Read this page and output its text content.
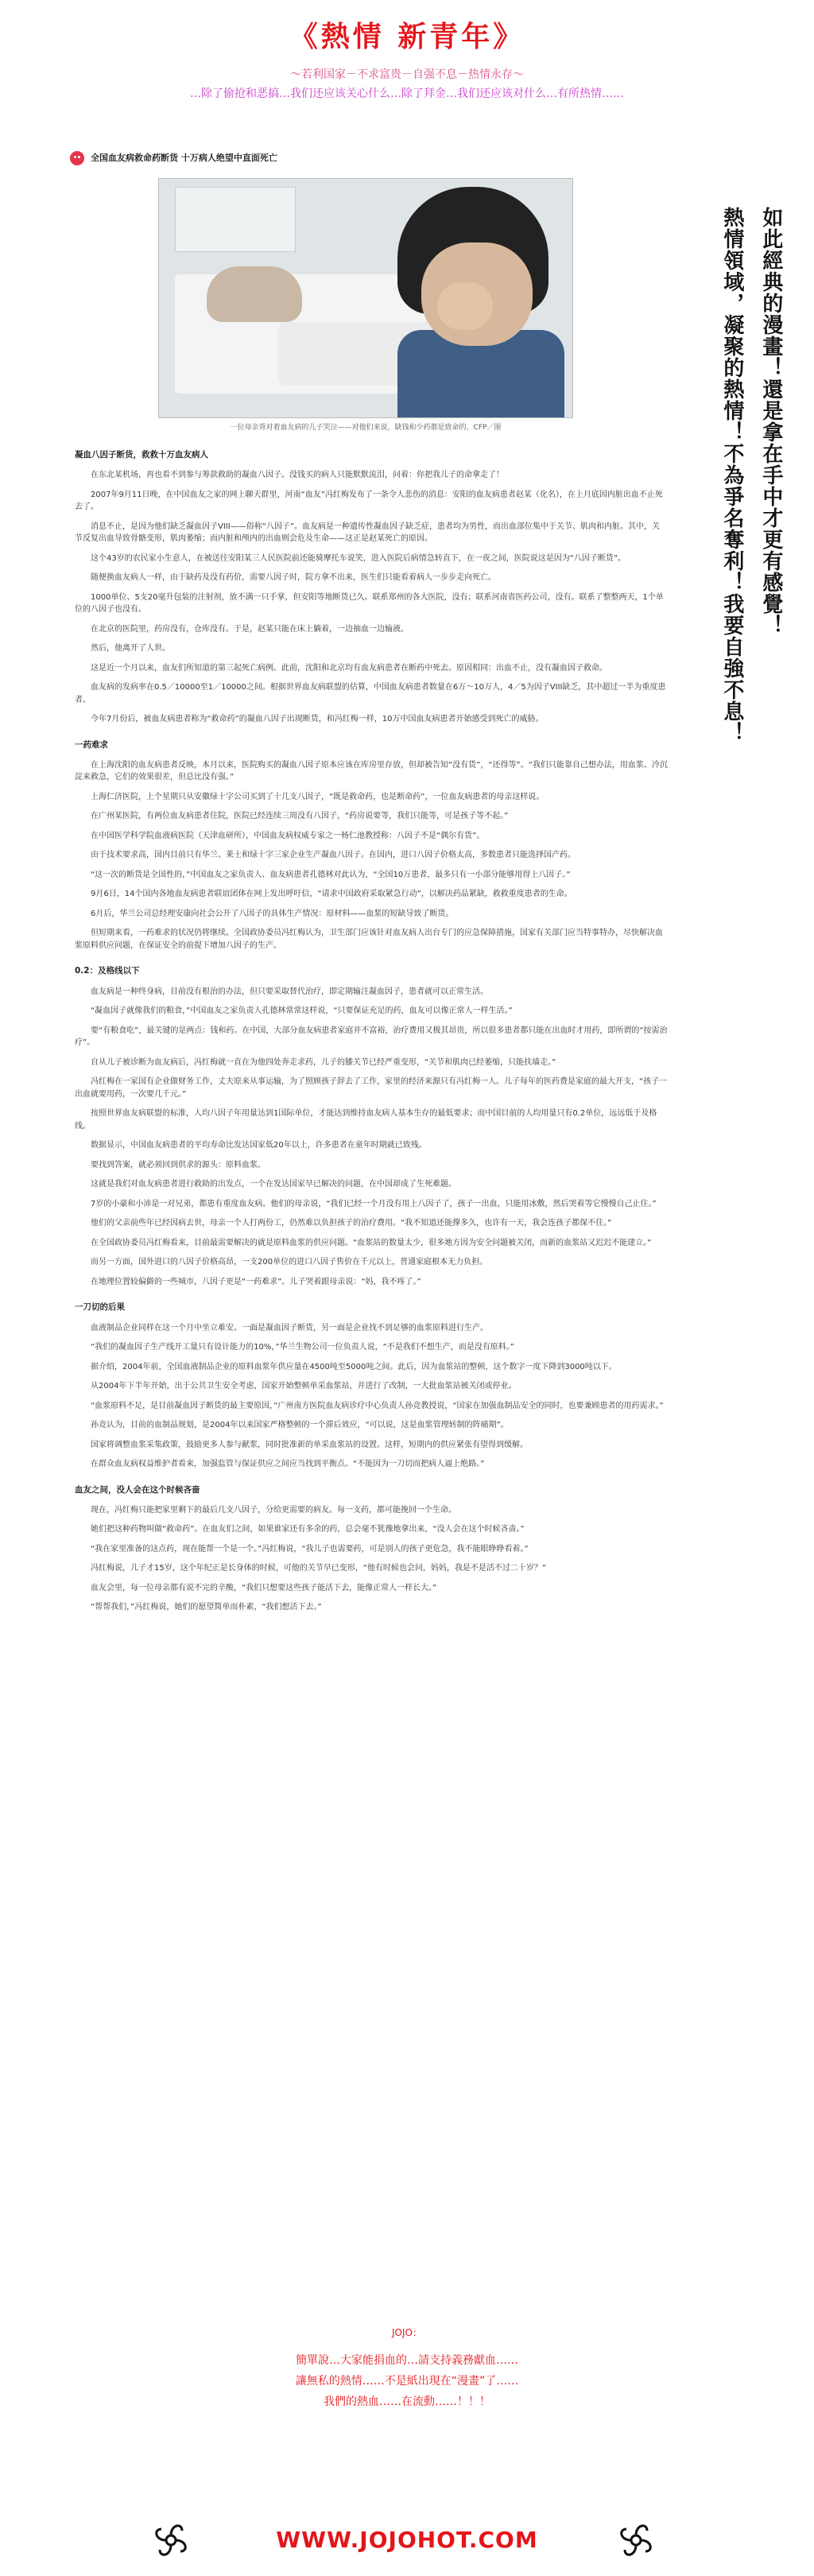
《熱情 新青年》
～若利国家－不求富贵－自强不息－热情永存～
…除了偷抢和恶搞…我们还应该关心什么…除了拜金…我们还应该对什么…有所热情……
全国血友病救命药断货 十万病人绝望中直面死亡
一位母亲背对着血友病的儿子哭泣——对他们来说，缺钱和少药都是致命的。CFP／图
凝血八因子断货，救救十万血友病人

在东北某机场，再也看不到参与筹款救助的凝血八因子。没钱买的病人只能默默流泪，问着：你把我儿子的命拿走了！

2007年9月11日晚，在中国血友之家的网上聊天群里，河南“血友”冯红梅发布了一条令人悲伤的消息：安阳的血友病患者赵某（化名），在上月底因内脏出血不止死去了。

消息不止，是因为他们缺乏凝血因子VIII——俗称“八因子”。血友病是一种遗传性凝血因子缺乏症，患者均为男性，而出血部位集中于关节、肌肉和内脏。其中，关节反复出血导致骨骼变形，肌肉萎缩；而内脏和颅内的出血则会危及生命——这正是赵某死亡的原因。

这个43岁的农民家小生意人，在被送往安阳某三人民医院前还能骑摩托车说笑，进入医院后病情急转直下，在一夜之间，医院说这是因为“八因子断货”。

随便换血友病人一样，由于缺药及没有药价，需要八因子时，院方拿不出来，医生们只能看着病人一步步走向死亡。

1000单位、5支20毫升包装的注射剂，放不满一只手掌，但安阳等地断货已久。联系郑州的各大医院，没有；联系河南省医药公司，没有。联系了整整两天，1个单位的八因子也没有。

在北京的医院里，药房没有，仓库没有。于是，赵某只能在床上躺着，一边抽血一边输液。

然后，他离开了人世。

这是近一个月以来，血友们所知道的第三起死亡病例。此前，沈阳和北京均有血友病患者在断药中死去。原因相同：出血不止，没有凝血因子救命。

血友病的发病率在0.5／10000至1／10000之间。根据世界血友病联盟的估算，中国血友病患者数量在6万～10万人，4／5为因子VIII缺乏，其中超过一半为重度患者。

今年7月份后，被血友病患者称为“救命药”的凝血八因子出现断货，和冯红梅一样，10万中国血友病患者开始感受到死亡的威胁。

一药难求

在上海沈阳的血友病患者反映，本月以来，医院购买的凝血八因子原本应该在库房里存放，但却被告知“没有货”，“还得等”。“我们只能靠自己想办法，用血浆、冷沉淀来救急，它们的效果很差，但总比没有强。”

上海仁济医院，上个星期只从安徽绿十字公司买到了十几支八因子，“既是救命药，也是断命药”，一位血友病患者的母亲这样说。

在广州某医院，有两位血友病患者住院，医院已经连续三周没有八因子，“药房说要等，我们只能等，可是孩子等不起。”

在中国医学科学院血液病医院（天津血研所），中国血友病权威专家之一杨仁池教授称：八因子不是“偶尔有货”。

由于技术要求高，国内目前只有华兰、莱士和绿十字三家企业生产凝血八因子。在国内，进口八因子价格太高，多数患者只能选择国产药。

“这一次的断货是全国性的，”中国血友之家负责人、血友病患者孔德林对此认为，“全国10万患者，最多只有一小部分能够用得上八因子。”

9月6日，14个国内各地血友病患者联谊团体在网上发出呼吁信，“请求中国政府采取紧急行动”，以解决药品紧缺，救救重度患者的生命。

6月后，华兰公司总经理安康向社会公开了八因子的具体生产情况：原材料——血浆的短缺导致了断货。

但短期来看，一药难求的状况仍将继续。全国政协委员冯红梅认为，卫生部门应该针对血友病人出台专门的应急保障措施，国家有关部门应当特事特办，尽快解决血浆原料供应问题，在保证安全的前提下增加八因子的生产。

0.2：及格线以下

血友病是一种终身病，目前没有根治的办法，但只要采取替代治疗，即定期输注凝血因子，患者就可以正常生活。

“凝血因子就像我们的粮食，”中国血友之家负责人孔德林常常这样说，“只要保证充足的药，血友可以像正常人一样生活。”

要“有粮食吃”，最关键的是两点：钱和药。在中国，大部分血友病患者家庭并不富裕，治疗费用又极其昂贵，所以很多患者都只能在出血时才用药，即所谓的“按需治疗”。

自从儿子被诊断为血友病后，冯红梅就一直在为他四处奔走求药，儿子的膝关节已经严重变形，“关节和肌肉已经萎缩，只能扶墙走。”

冯红梅在一家国有企业做财务工作，丈夫原来从事运输，为了照顾孩子辞去了工作，家里的经济来源只有冯红梅一人。儿子每年的医药费是家庭的最大开支，“孩子一出血就要用药，一次要几千元。”

按照世界血友病联盟的标准，人均八因子年用量达到1国际单位，才能达到维持血友病人基本生存的最低要求；而中国目前的人均用量只有0.2单位，远远低于及格线。

数据显示，中国血友病患者的平均寿命比发达国家低20年以上，许多患者在童年时期就已致残。

要找到答案，就必须回到供求的源头：原料血浆。

这就是我们对血友病患者进行救助的出发点，一个在发达国家早已解决的问题，在中国却成了生死难题。

7岁的小豪和小沛是一对兄弟，都患有重度血友病。他们的母亲说，“我们已经一个月没有用上八因子了，孩子一出血，只能用冰敷，然后哭着等它慢慢自己止住。”

他们的父亲前些年已经因病去世，母亲一个人打两份工，仍然难以负担孩子的治疗费用。“我不知道还能撑多久，也许有一天，我会连孩子都保不住。”

在全国政协委员冯红梅看来，目前最需要解决的就是原料血浆的供应问题。“血浆站的数量太少，很多地方因为安全问题被关闭，而新的血浆站又迟迟不能建立。”

而另一方面，国外进口的八因子价格高昂，一支200单位的进口八因子售价在千元以上，普通家庭根本无力负担。

在地理位置较偏僻的一些城市，八因子更是“一药难求”。儿子哭着跟母亲说：“妈，我不疼了。”

一刀切的后果

血液制品企业同样在这一个月中坐立难安。一面是凝血因子断货，另一面是企业找不到足够的血浆原料进行生产。

“我们的凝血因子生产线开工量只有设计能力的10%，”华兰生物公司一位负责人说，“不是我们不想生产，而是没有原料。”

据介绍，2004年前，全国血液制品企业的原料血浆年供应量在4500吨至5000吨之间。此后，因为血浆站的整顿，这个数字一度下降到3000吨以下。

从2004年下半年开始，出于公共卫生安全考虑，国家开始整顿单采血浆站，并进行了改制，一大批血浆站被关闭或停业。

“血浆原料不足，是目前凝血因子断货的最主要原因，”广州南方医院血友病诊疗中心负责人孙竞教授说，“国家在加强血制品安全的同时，也要兼顾患者的用药需求。”

孙竞认为，目前的血制品规划，是2004年以来国家严格整顿的一个滞后效应，“可以说，这是血浆管理转制的阵痛期”。

国家将调整血浆采集政策，鼓励更多人参与献浆，同时批准新的单采血浆站的设置。这样，短期内的供应紧张有望得到缓解。

在群众血友病权益维护者看来，加强监管与保证供应之间应当找到平衡点。“不能因为一刀切而把病人逼上绝路。”

血友之间，没人会在这个时候吝啬

现在，冯红梅只能把家里剩下的最后几支八因子，分给更需要的病友。每一支药，都可能挽回一个生命。

她们把这种药物叫做“救命药”。在血友们之间，如果谁家还有多余的药，总会毫不犹豫地拿出来，“没人会在这个时候吝啬。”

“我在家里准备的这点药，现在能帮一个是一个。”冯红梅说，“我儿子也需要药，可是别人的孩子更危急，我不能眼睁睁看着。”

冯红梅说，儿子才15岁，这个年纪正是长身体的时候，可他的关节早已变形，“他有时候也会问，妈妈，我是不是活不过二十岁？”

血友会里，每一位母亲都有说不完的辛酸，“我们只想要这些孩子能活下去，能像正常人一样长大。”

“帮帮我们，”冯红梅说，她们的愿望简单而朴素，“我们想活下去。”

如此經典的漫畫！還是拿在手中才更有感覺！
熱情領域，凝聚的熱情！不為爭名奪利！我要自強不息！
JOJO：
簡單說…大家能捐血的…請支持義務獻血……
讓無私的熱情……不是紙出現在“漫畫”了……
我們的熱血……在流動……！！！
WWW.JOJOHOT.COM
